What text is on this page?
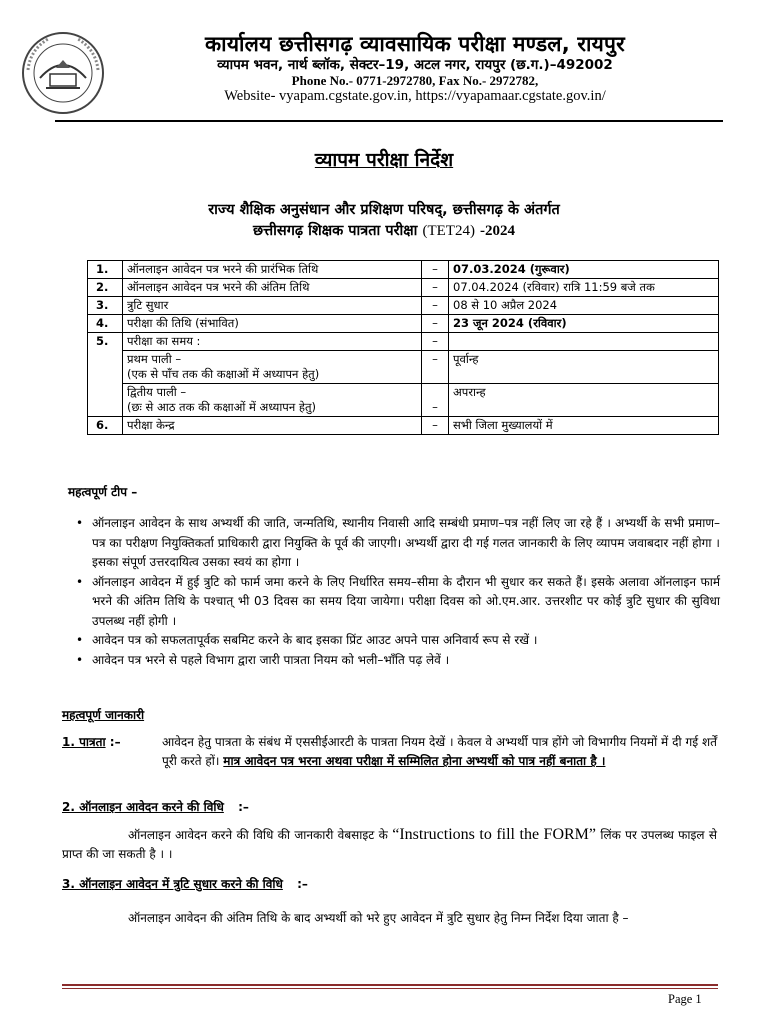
कार्यालय छत्तीसगढ़ व्यावसायिक परीक्षा मण्डल, रायपुर
व्यापम भवन, नार्थ ब्लॉक, सेक्टर–19, अटल नगर, रायपुर (छ.ग.)–492002
Phone No.- 0771-2972780, Fax No.- 2972782,
Website- vyapam.cgstate.gov.in, https://vyapamaar.cgstate.gov.in/
व्यापम परीक्षा निर्देश
राज्य शैक्षिक अनुसंधान और प्रशिक्षण परिषद्, छत्तीसगढ़ के अंतर्गत
छत्तीसगढ़ शिक्षक पात्रता परीक्षा (TET24) -2024
1.	ऑनलाइन आवेदन पत्र भरने की प्रारंभिक तिथि	–	07.03.2024 (गुरूवार)
2.	ऑनलाइन आवेदन पत्र भरने की अंतिम तिथि	–	07.04.2024 (रविवार) रात्रि 11:59 बजे तक
3.	त्रुटि सुधार	–	08 से 10 अप्रैल 2024
4.	परीक्षा की तिथि (संभावित)	–	23 जून 2024 (रविवार)
5.	परीक्षा का समय :	–	

	प्रथम पाली –
(एक से पाँच तक की कक्षाओं में अध्यापन हेतु)	–	पूर्वान्ह

	द्वितीय पाली –
(छः से आठ तक की कक्षाओं में अध्यापन हेतु)	–	अपरान्ह
6.	परीक्षा केन्द्र	–	सभी जिला मुख्यालयों में
महत्वपूर्ण टीप –
• ऑनलाइन आवेदन के साथ अभ्यर्थी की जाति, जन्मतिथि, स्थानीय निवासी आदि सम्बंधी प्रमाण–पत्र नहीं लिए जा रहे हैं । अभ्यर्थी के सभी प्रमाण–पत्र का परीक्षण नियुक्तिकर्ता प्राधिकारी द्वारा नियुक्ति के पूर्व की जाएगी। अभ्यर्थी द्वारा दी गई गलत जानकारी के लिए व्यापम जवाबदार नहीं होगा । इसका संपूर्ण उत्तरदायित्व उसका स्वयं का होगा ।
• ऑनलाइन आवेदन में हुई त्रुटि को फार्म जमा करने के लिए निर्धारित समय–सीमा के दौरान भी सुधार कर सकते हैं। इसके अलावा ऑनलाइन फार्म भरने की अंतिम तिथि के पश्चात् भी 03 दिवस का समय दिया जायेगा। परीक्षा दिवस को ओ.एम.आर. उत्तरशीट पर कोई त्रुटि सुधार की सुविधा उपलब्ध नहीं होगी ।
• आवेदन पत्र को सफलतापूर्वक सबमिट करने के बाद इसका प्रिंट आउट अपने पास अनिवार्य रूप से रखें ।
• आवेदन पत्र भरने से पहले विभाग द्वारा जारी पात्रता नियम को भली–भाँति पढ़ लेवें ।
महत्वपूर्ण जानकारी
1. पात्रता :–	आवेदन हेतु पात्रता के संबंध में एससीईआरटी के पात्रता नियम देखें । केवल वे अभ्यर्थी पात्र होंगे जो विभागीय नियमों में दी गई शर्तें पूरी करते हों। मात्र आवेदन पत्र भरना अथवा परीक्षा में सम्मिलित होना अभ्यर्थी को पात्र नहीं बनाता है ।
2. ऑनलाइन आवेदन करने की विधि :–
ऑनलाइन आवेदन करने की विधि की जानकारी वेबसाइट के “Instructions to fill the FORM” लिंक पर उपलब्ध फाइल से प्राप्त की जा सकती है । ।
3. ऑनलाइन आवेदन में त्रुटि सुधार करने की विधि :–
ऑनलाइन आवेदन की अंतिम तिथि के बाद अभ्यर्थी को भरे हुए आवेदन में त्रुटि सुधार हेतु निम्न निर्देश दिया जाता है –
Page 1
